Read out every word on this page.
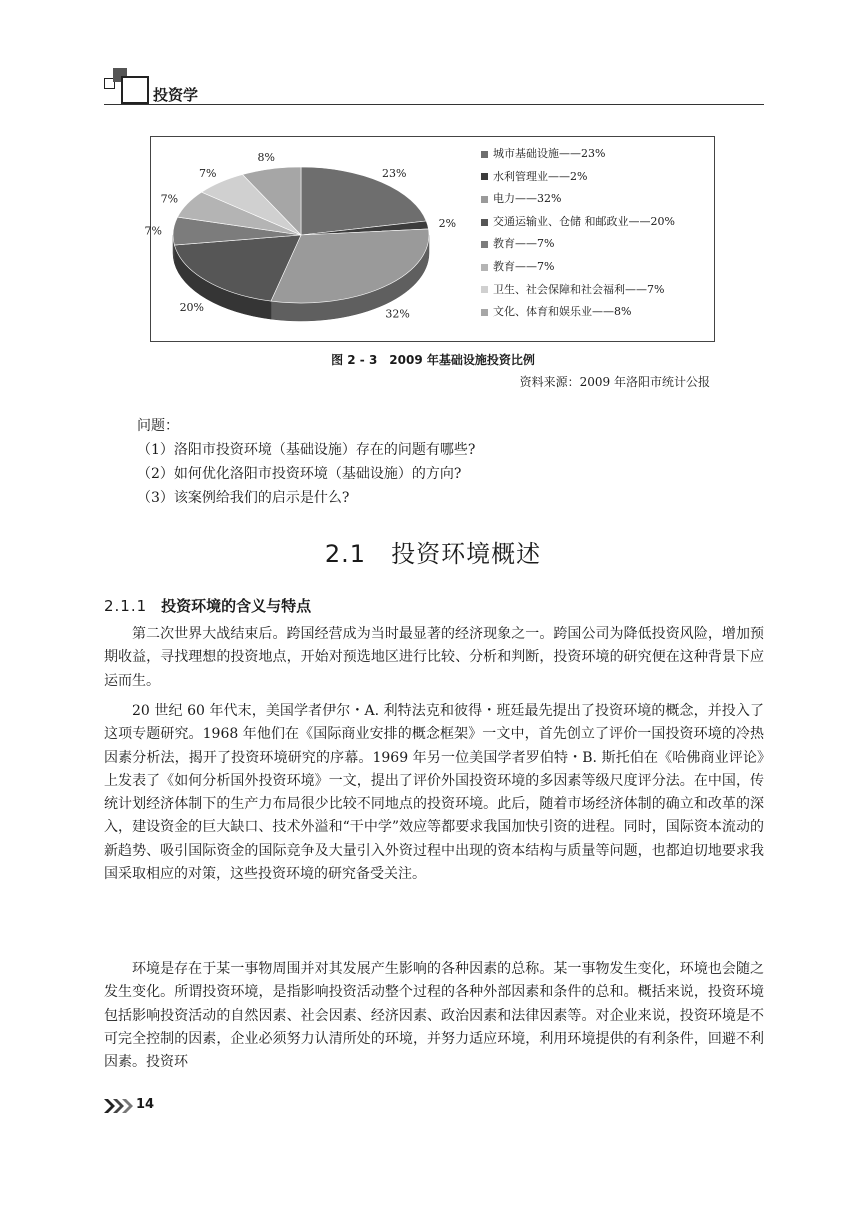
投资学
23%
2%
32%
20%
7%
7%
7%
8%	城市基础设施——23%
水利管理业——2%
电力——32%
交通运输业、仓储 和邮政业——20%
教育——7%
教育——7%
卫生、社会保障和社会福利——7%
文化、体育和娱乐业——8%
图 2 - 3　2009 年基础设施投资比例
资料来源：2009 年洛阳市统计公报
问题：
（1）洛阳市投资环境（基础设施）存在的问题有哪些?
（2）如何优化洛阳市投资环境（基础设施）的方向?
（3）该案例给我们的启示是什么?
2.1　投资环境概述
2.1.1 投资环境的含义与特点

第二次世界大战结束后。跨国经营成为当时最显著的经济现象之一。跨国公司为降低投资风险，增加预期收益，寻找理想的投资地点，开始对预选地区进行比较、分析和判断，投资环境的研究便在这种背景下应运而生。

20 世纪 60 年代末，美国学者伊尔・A. 利特法克和彼得・班廷最先提出了投资环境的概念，并投入了这项专题研究。1968 年他们在《国际商业安排的概念框架》一文中，首先创立了评价一国投资环境的冷热因素分析法，揭开了投资环境研究的序幕。1969 年另一位美国学者罗伯特・B. 斯托伯在《哈佛商业评论》上发表了《如何分析国外投资环境》一文，提出了评价外国投资环境的多因素等级尺度评分法。在中国，传统计划经济体制下的生产力布局很少比较不同地点的投资环境。此后，随着市场经济体制的确立和改革的深入，建设资金的巨大缺口、技术外溢和“干中学”效应等都要求我国加快引资的进程。同时，国际资本流动的新趋势、吸引国际资金的国际竞争及大量引入外资过程中出现的资本结构与质量等问题，也都迫切地要求我国采取相应的对策，这些投资环境的研究备受关注。

环境是存在于某一事物周围并对其发展产生影响的各种因素的总称。某一事物发生变化，环境也会随之发生变化。所谓投资环境，是指影响投资活动整个过程的各种外部因素和条件的总和。概括来说，投资环境包括影响投资活动的自然因素、社会因素、经济因素、政治因素和法律因素等。对企业来说，投资环境是不可完全控制的因素，企业必须努力认清所处的环境，并努力适应环境，利用环境提供的有利条件，回避不利因素。投资环

14
